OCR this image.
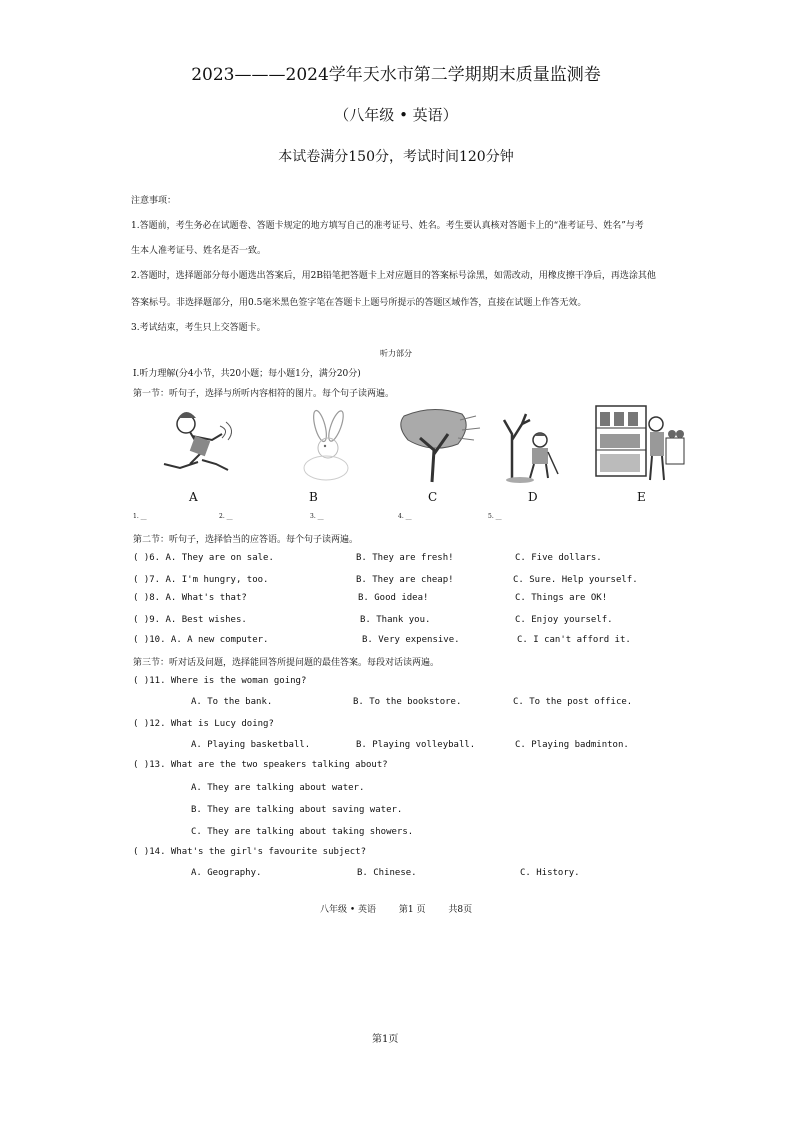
2023———2024学年天水市第二学期期末质量监测卷
（八年级 • 英语）
本试卷满分150分，考试时间120分钟
注意事项：
1.答题前，考生务必在试题卷、答题卡规定的地方填写自己的准考证号、姓名。考生要认真核对答题卡上的“准考证号、姓名”与考
生本人准考证号、姓名是否一致。
2.答题时，选择题部分每小题选出答案后，用2B铅笔把答题卡上对应题目的答案标号涂黑，如需改动，用橡皮擦干净后，再选涂其他
答案标号。非选择题部分，用0.5毫米黑色签字笔在答题卡上题号所提示的答题区域作答，直接在试题上作答无效。
3.考试结束，考生只上交答题卡。
听力部分
Ⅰ.听力理解(分4小节，共20小题；每小题1分，满分20分)
第一节：听句子，选择与所听内容相符的图片。每个句子读两遍。
A	B	C	D	E
1. __	2. __	3. __	4. __	5. __
第二节：听句子，选择恰当的应答语。每个句子读两遍。
( )6. A. They are on sale.	B. They are fresh!	C. Five dollars.
( )7. A. I'm hungry, too.	B. They are cheap!	C. Sure. Help yourself.
( )8. A. What's that?	B. Good idea!	C. Things are OK!
( )9. A. Best wishes.	B. Thank you.	C. Enjoy yourself.
( )10. A. A new computer.	B. Very expensive.	C. I can't afford it.
第三节：听对话及问题，选择能回答所提问题的最佳答案。每段对话读两遍。
( )11. Where is the woman going?
A. To the bank.	B. To the bookstore.	C. To the post office.
( )12. What is Lucy doing?
A. Playing basketball.	B. Playing volleyball.	C. Playing badminton.
( )13. What are the two speakers talking about?
A. They are talking about water.
B. They are talking about saving water.
C. They are talking about taking showers.
( )14. What's the girl's favourite subject?
A. Geography.	B. Chinese.	C. History.
八年级 • 英语        第1 页        共8页
第1页
